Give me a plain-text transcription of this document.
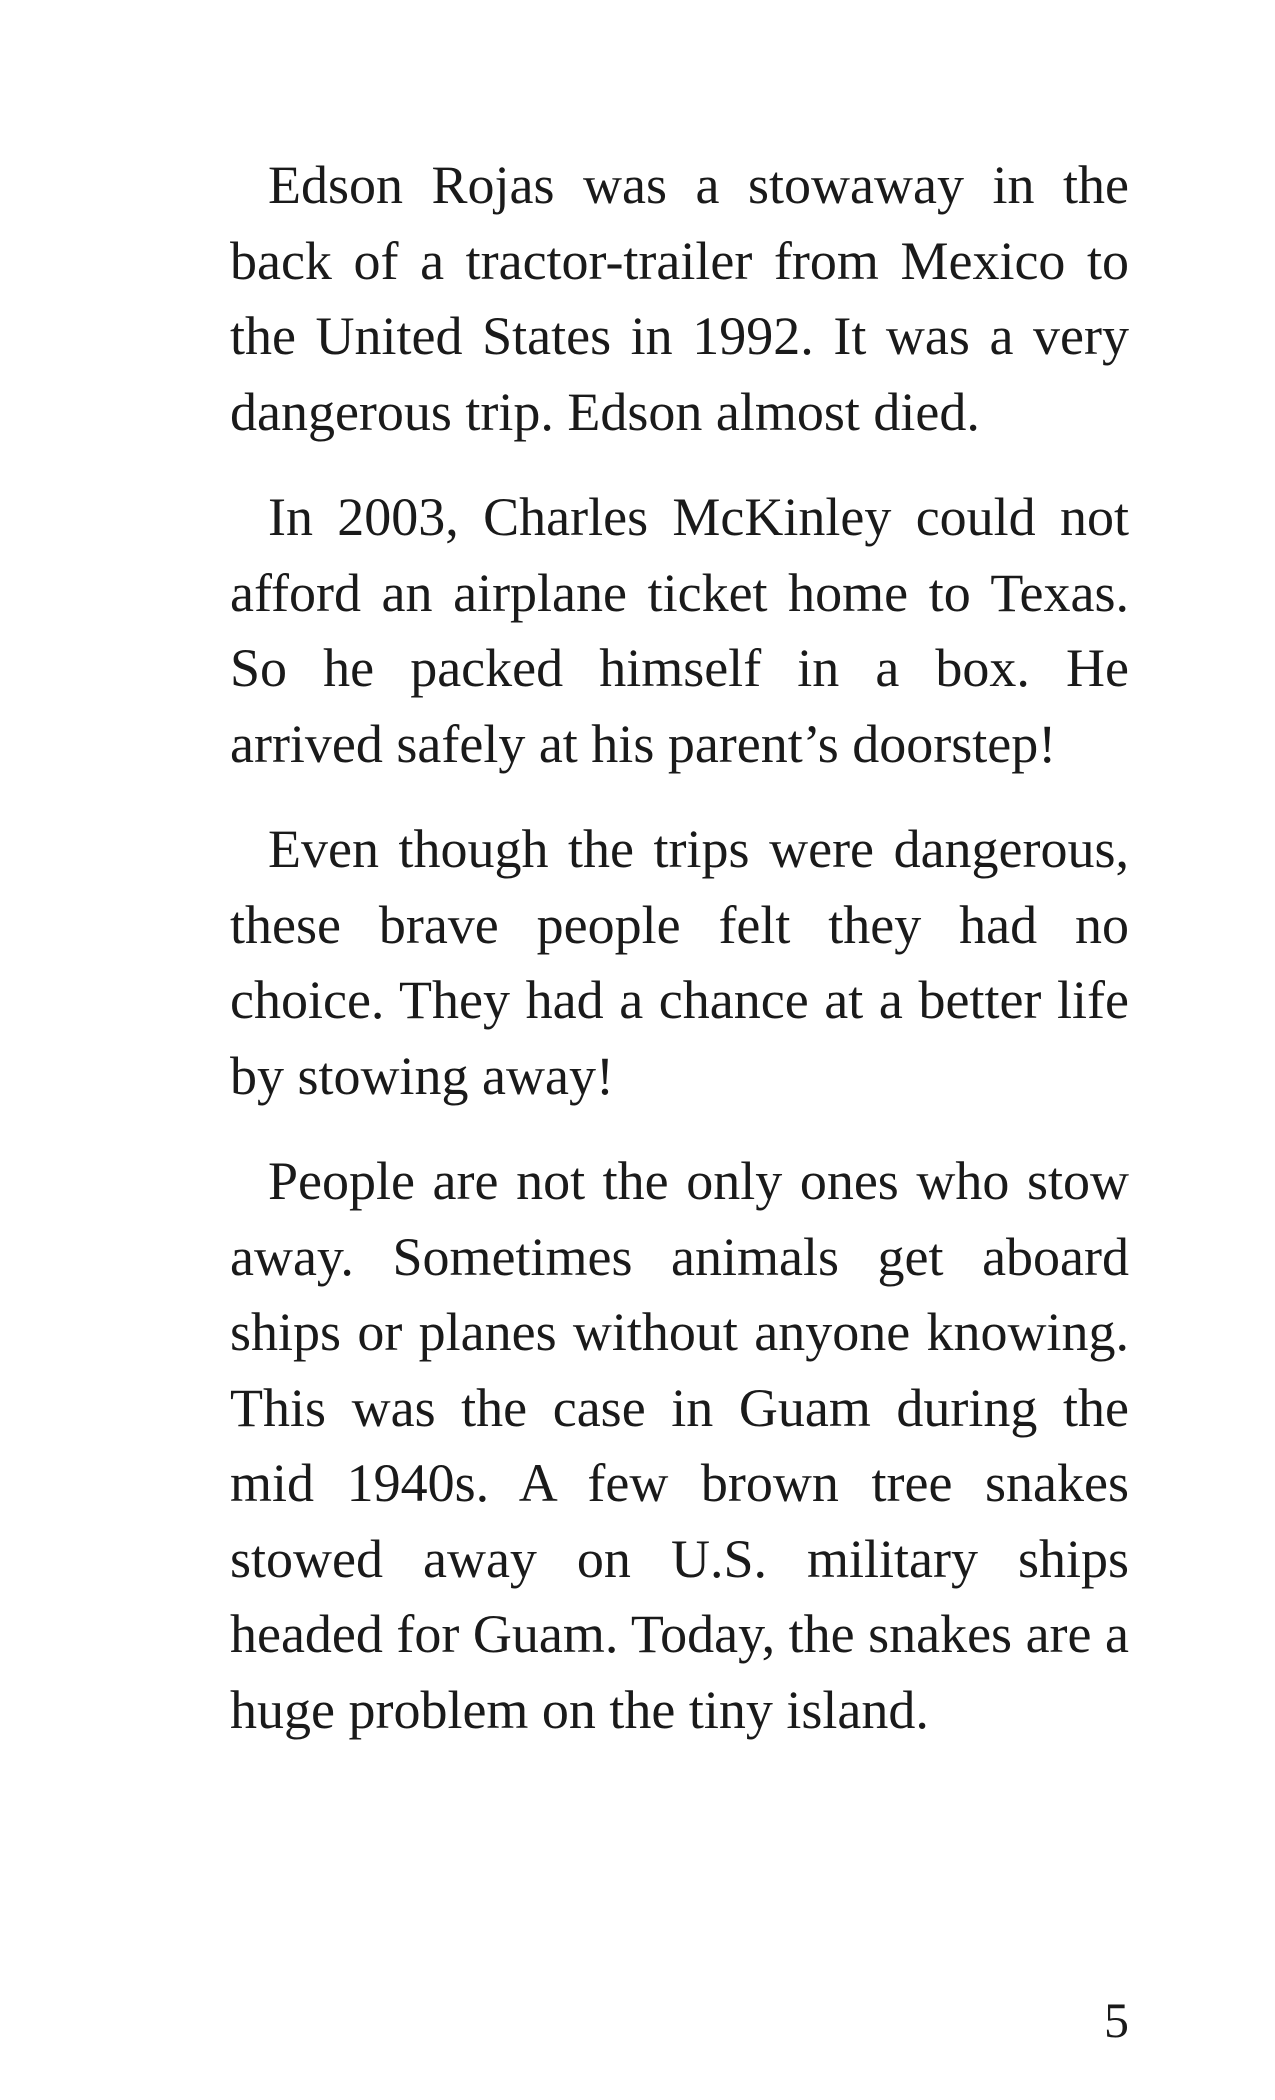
Edson Rojas was a stowaway in the back of a tractor-trailer from Mexico to the United States in 1992. It was a very dangerous trip. Edson almost died.

In 2003, Charles McKinley could not afford an airplane ticket home to Texas. So he packed himself in a box. He arrived safely at his parent’s doorstep!

Even though the trips were dangerous, these brave people felt they had no choice. They had a chance at a better life by stowing away!

People are not the only ones who stow away. Sometimes animals get aboard ships or planes without anyone knowing. This was the case in Guam during the mid 1940s. A few brown tree snakes stowed away on U.S. military ships headed for Guam. Today, the snakes are a huge problem on the tiny island.

5
